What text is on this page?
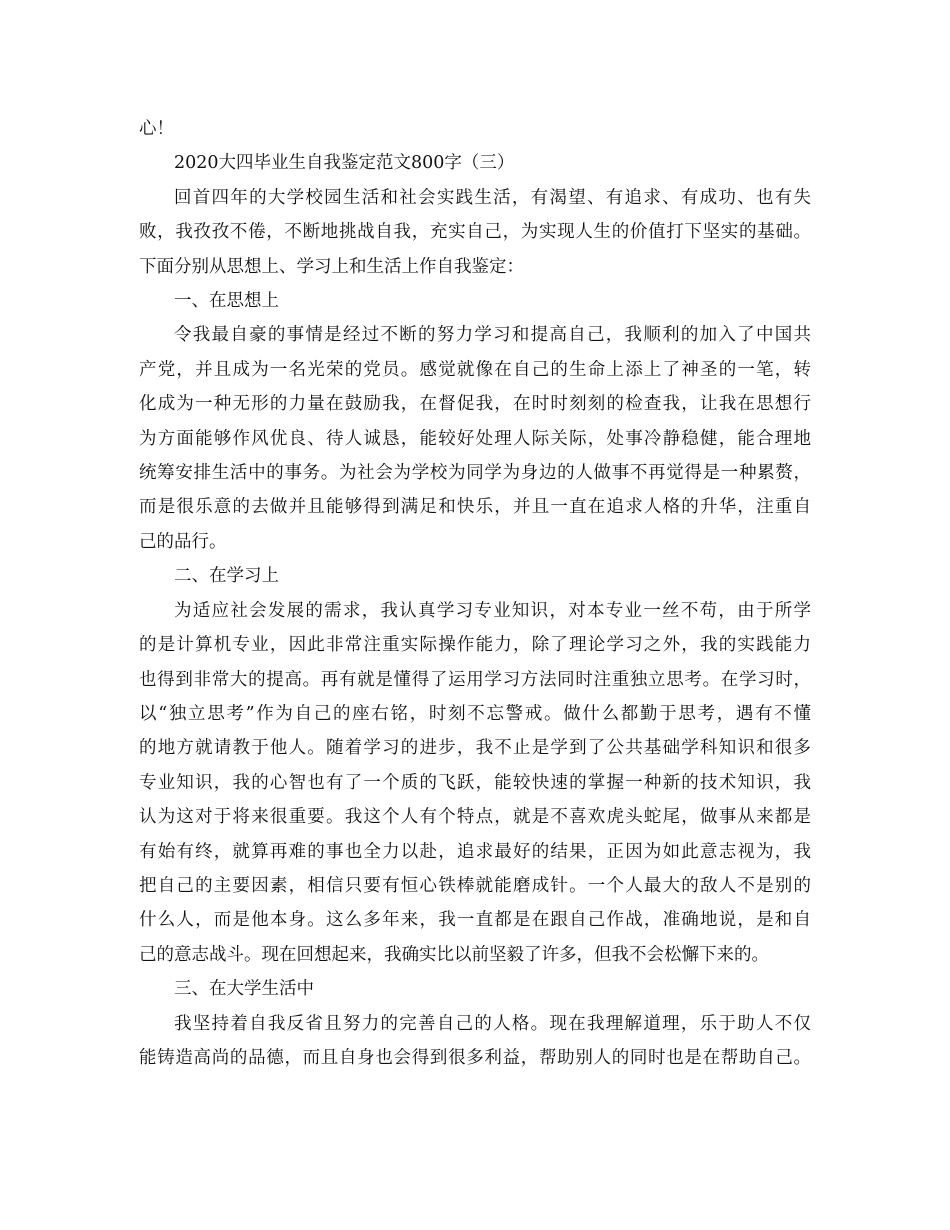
心！

2020大四毕业生自我鉴定范文800字（三）

回首四年的大学校园生活和社会实践生活，有渴望、有追求、有成功、也有失

败，我孜孜不倦，不断地挑战自我，充实自己，为实现人生的价值打下坚实的基础。

下面分别从思想上、学习上和生活上作自我鉴定：

一、在思想上

令我最自豪的事情是经过不断的努力学习和提高自己，我顺利的加入了中国共

产党，并且成为一名光荣的党员。感觉就像在自己的生命上添上了神圣的一笔，转

化成为一种无形的力量在鼓励我，在督促我，在时时刻刻的检查我，让我在思想行

为方面能够作风优良、待人诚恳，能较好处理人际关际，处事冷静稳健，能合理地

统筹安排生活中的事务。为社会为学校为同学为身边的人做事不再觉得是一种累赘，

而是很乐意的去做并且能够得到满足和快乐，并且一直在追求人格的升华，注重自

己的品行。

二、在学习上

为适应社会发展的需求，我认真学习专业知识，对本专业一丝不苟，由于所学

的是计算机专业，因此非常注重实际操作能力，除了理论学习之外，我的实践能力

也得到非常大的提高。再有就是懂得了运用学习方法同时注重独立思考。在学习时，

以“独立思考”作为自己的座右铭，时刻不忘警戒。做什么都勤于思考，遇有不懂

的地方就请教于他人。随着学习的进步，我不止是学到了公共基础学科知识和很多

专业知识，我的心智也有了一个质的飞跃，能较快速的掌握一种新的技术知识，我

认为这对于将来很重要。我这个人有个特点，就是不喜欢虎头蛇尾，做事从来都是

有始有终，就算再难的事也全力以赴，追求最好的结果，正因为如此意志视为，我

把自己的主要因素，相信只要有恒心铁棒就能磨成针。一个人最大的敌人不是别的

什么人，而是他本身。这么多年来，我一直都是在跟自己作战，准确地说，是和自

己的意志战斗。现在回想起来，我确实比以前坚毅了许多，但我不会松懈下来的。

三、在大学生活中

我坚持着自我反省且努力的完善自己的人格。现在我理解道理，乐于助人不仅

能铸造高尚的品德，而且自身也会得到很多利益，帮助别人的同时也是在帮助自己。
